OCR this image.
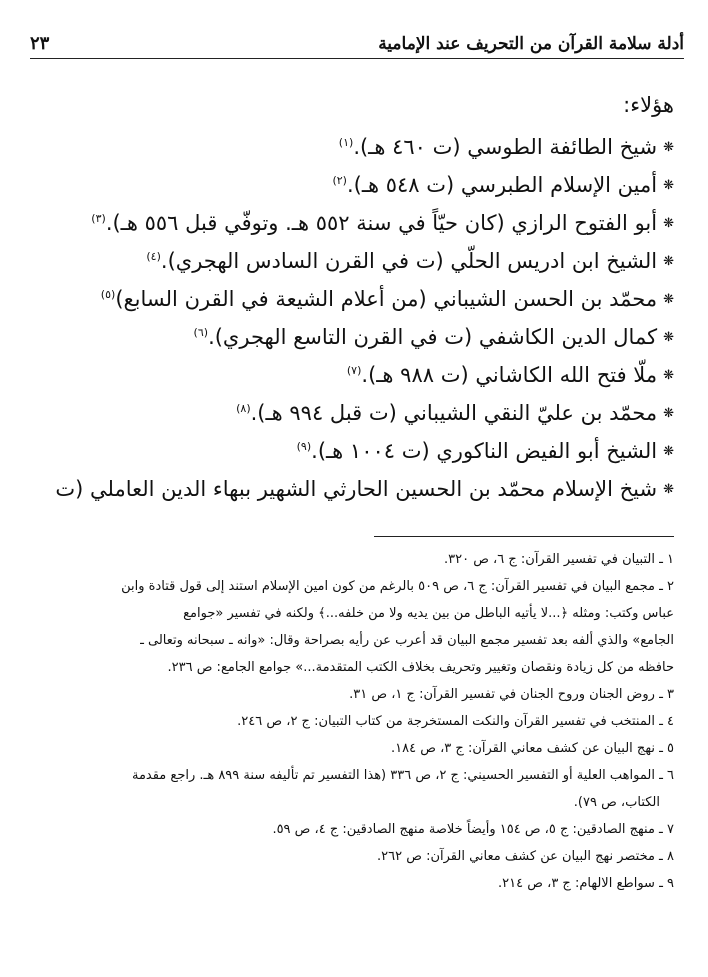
أدلة سلامة القرآن من التحريف عند الإمامية
٢٣

هؤلاء:

❋شيخ الطائفة الطوسي (ت ٤٦٠ هـ).$^{(١)}$
❋أمين الإسلام الطبرسي (ت ٥٤٨ هـ).$^{(٢)}$
❋أبو الفتوح الرازي (كان حيّاً في سنة ٥٥٢ هـ. وتوفّي قبل ٥٥٦ هـ).$^{(٣)}$
❋الشيخ ابن ادريس الحلّي (ت في القرن السادس الهجري).$^{(٤)}$
❋محمّد بن الحسن الشيباني (من أعلام الشيعة في القرن السابع)$^{(٥)}$
❋كمال الدين الكاشفي (ت في القرن التاسع الهجري).$^{(٦)}$
❋ملّا فتح الله الكاشاني (ت ٩٨٨ هـ).$^{(٧)}$
❋محمّد بن عليّ النقي الشيباني (ت قبل ٩٩٤ هـ).$^{(٨)}$
❋الشيخ أبو الفيض الناكوري (ت ١٠٠٤ هـ).$^{(٩)}$
❋شيخ الإسلام محمّد بن الحسين الحارثي الشهير ببهاء الدين العاملي (ت

١ ـ التبيان في تفسير القرآن: ج ٦، ص ٣٢٠.

٢ ـ مجمع البيان في تفسير القرآن: ج ٦، ص ٥٠٩ بالرغم من كون امين الإسلام استند إلى قول قتادة وابن

عباس وكتب: ومثله ﴿...لا يأتيه الباطل من بين يديه ولا من خلفه...﴾ ولكنه في تفسير «جوامع

الجامع» والذي ألفه بعد تفسير مجمع البيان قد أعرب عن رأيه بصراحة وقال: «وانه ـ سبحانه وتعالى ـ

حافظه من كل زيادة ونقصان وتغيير وتحريف بخلاف الكتب المتقدمة...» جوامع الجامع: ص ٢٣٦.

٣ ـ روض الجنان وروح الجنان في تفسير القرآن: ج ١، ص ٣١.

٤ ـ المنتخب في تفسير القرآن والنكت المستخرجة من كتاب التبيان: ج ٢، ص ٢٤٦.

٥ ـ نهج البيان عن كشف معاني القرآن: ج ٣، ص ١٨٤.

٦ ـ المواهب العلية أو التفسير الحسيني: ج ٢، ص ٣٣٦ (هذا التفسير تم تأليفه سنة ٨٩٩ هـ. راجع مقدمة

الكتاب، ص ٧٩).

٧ ـ منهج الصادقين: ج ٥، ص ١٥٤ وأيضاً خلاصة منهج الصادقين: ج ٤، ص ٥٩.

٨ ـ مختصر نهج البيان عن كشف معاني القرآن: ص ٢٦٢.

٩ ـ سواطع الالهام: ج ٣، ص ٢١٤.
